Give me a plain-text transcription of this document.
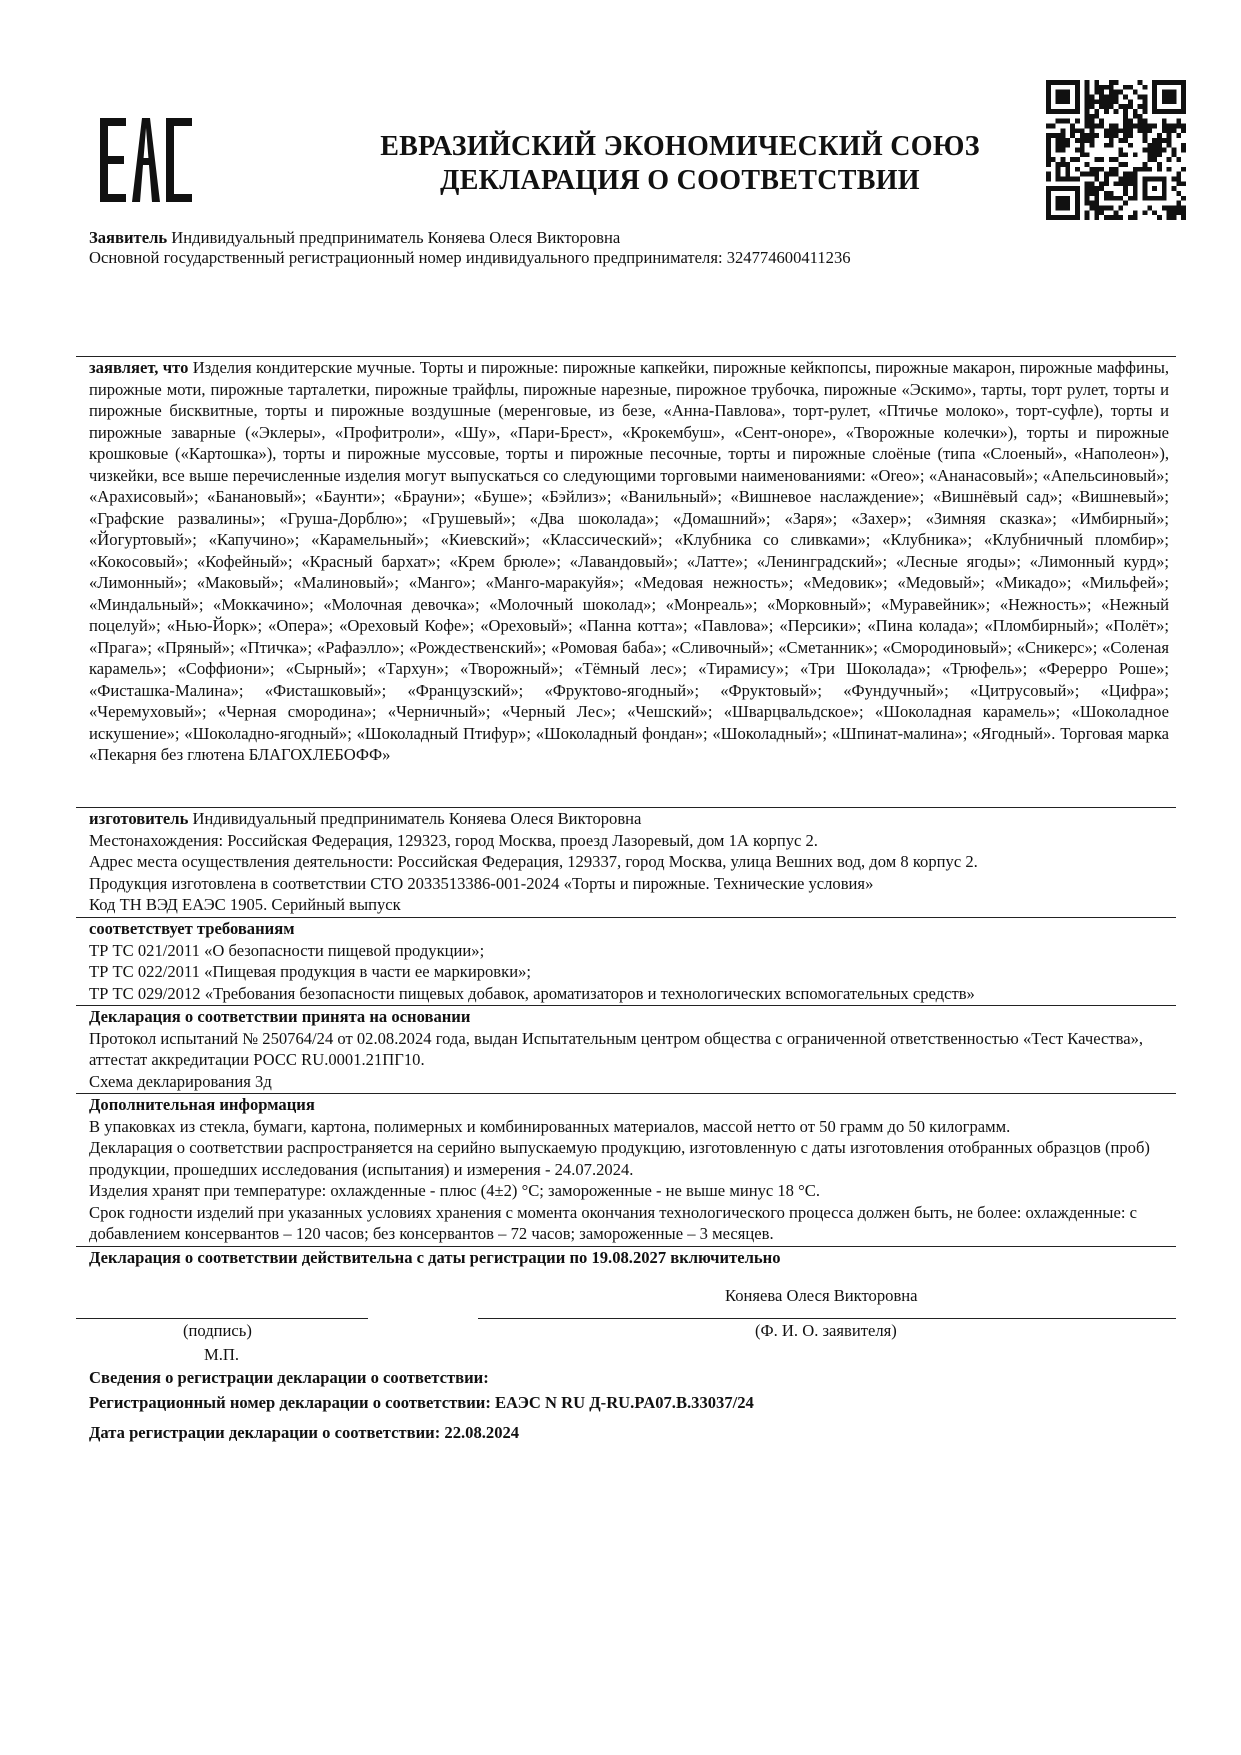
ЕВРАЗИЙСКИЙ ЭКОНОМИЧЕСКИЙ СОЮЗ
ДЕКЛАРАЦИЯ О СООТВЕТСТВИИ
Заявитель Индивидуальный предприниматель Коняева Олеся Викторовна
Основной государственный регистрационный номер индивидуального предпринимателя: 324774600411236
заявляет, что Изделия кондитерские мучные. Торты и пирожные: пирожные капкейки, пирожные кейкпопсы, пирожные макарон, пирожные маффины, пирожные моти, пирожные тарталетки, пирожные трайфлы, пирожные нарезные, пирожное трубочка, пирожные «Эскимо», тарты, торт рулет, торты и пирожные бисквитные, торты и пирожные воздушные (меренговые, из безе, «Анна-Павлова», торт-рулет, «Птичье молоко», торт-суфле), торты и пирожные заварные («Эклеры», «Профитроли», «Шу», «Пари-Брест», «Крокембуш», «Сент-оноре», «Творожные колечки»), торты и пирожные крошковые («Картошка»), торты и пирожные муссовые, торты и пирожные песочные, торты и пирожные слоёные (типа «Слоеный», «Наполеон»), чизкейки, все выше перечисленные изделия могут выпускаться со следующими торговыми наименованиями: «Oreo»; «Ананасовый»; «Апельсиновый»; «Арахисовый»; «Банановый»; «Баунти»; «Брауни»; «Буше»; «Бэйлиз»; «Ванильный»; «Вишневое наслаждение»; «Вишнёвый сад»; «Вишневый»; «Графские развалины»; «Груша-Дорблю»; «Грушевый»; «Два шоколада»; «Домашний»; «Заря»; «Захер»; «Зимняя сказка»; «Имбирный»; «Йогуртовый»; «Капучино»; «Карамельный»; «Киевский»; «Классический»; «Клубника со сливками»; «Клубника»; «Клубничный пломбир»; «Кокосовый»; «Кофейный»; «Красный бархат»; «Крем брюле»; «Лавандовый»; «Латте»; «Ленинградский»; «Лесные ягоды»; «Лимонный курд»; «Лимонный»; «Маковый»; «Малиновый»; «Манго»; «Манго-маракуйя»; «Медовая нежность»; «Медовик»; «Медовый»; «Микадо»; «Мильфей»; «Миндальный»; «Моккачино»; «Молочная девочка»; «Молочный шоколад»; «Монреаль»; «Морковный»; «Муравейник»; «Нежность»; «Нежный поцелуй»; «Нью-Йорк»; «Опера»; «Ореховый Кофе»; «Ореховый»; «Панна котта»; «Павлова»; «Персики»; «Пина колада»; «Пломбирный»; «Полёт»; «Прага»; «Пряный»; «Птичка»; «Рафаэлло»; «Рождественский»; «Ромовая баба»; «Сливочный»; «Сметанник»; «Смородиновый»; «Сникерс»; «Соленая карамель»; «Соффиони»; «Сырный»; «Тархун»; «Творожный»; «Тёмный лес»; «Тирамису»; «Три Шоколада»; «Трюфель»; «Ферерро Роше»; «Фисташка-Малина»; «Фисташковый»; «Французский»; «Фруктово-ягодный»; «Фруктовый»; «Фундучный»; «Цитрусовый»; «Цифра»; «Черемуховый»; «Черная смородина»; «Черничный»; «Черный Лес»; «Чешский»; «Шварцвальдское»; «Шоколадная карамель»; «Шоколадное искушение»; «Шоколадно-ягодный»; «Шоколадный Птифур»; «Шоколадный фондан»; «Шоколадный»; «Шпинат-малина»; «Ягодный». Торговая марка «Пекарня без глютена БЛАГОХЛЕБОФФ»
изготовитель Индивидуальный предприниматель Коняева Олеся Викторовна
Местонахождения: Российская Федерация, 129323, город Москва, проезд Лазоревый, дом 1А корпус 2.
Адрес места осуществления деятельности: Российская Федерация, 129337, город Москва, улица Вешних вод, дом 8 корпус 2.
Продукция изготовлена в соответствии СТО 2033513386-001-2024 «Торты и пирожные. Технические условия»
Код ТН ВЭД ЕАЭС 1905. Серийный выпуск
соответствует требованиям
ТР ТС 021/2011 «О безопасности пищевой продукции»;
ТР ТС 022/2011 «Пищевая продукция в части ее маркировки»;
ТР ТС 029/2012 «Требования безопасности пищевых добавок, ароматизаторов и технологических вспомогательных средств»
Декларация о соответствии принята на основании
Протокол испытаний № 250764/24 от 02.08.2024 года, выдан Испытательным центром общества с ограниченной ответственностью «Тест Качества», аттестат аккредитации РОСС RU.0001.21ПГ10.
Схема декларирования 3д
Дополнительная информация
В упаковках из стекла, бумаги, картона, полимерных и комбинированных материалов, массой нетто от 50 грамм до 50 килограмм.
Декларация о соответствии распространяется на серийно выпускаемую продукцию, изготовленную с даты изготовления отобранных образцов (проб) продукции, прошедших исследования (испытания) и измерения - 24.07.2024.
Изделия хранят при температуре: охлажденные - плюс (4±2) °С; замороженные - не выше минус 18 °С.
Срок годности изделий при указанных условиях хранения с момента окончания технологического процесса должен быть, не более: охлажденные: с добавлением консервантов – 120 часов; без консервантов – 72 часов; замороженные – 3 месяцев.
Декларация о соответствии действительна с даты регистрации по 19.08.2027 включительно
Коняева Олеся Викторовна
(подпись)	(Ф. И. О. заявителя)
М.П.
Сведения о регистрации декларации о соответствии:
Регистрационный номер декларации о соответствии: ЕАЭС N RU Д-RU.PA07.B.33037/24
Дата регистрации декларации о соответствии: 22.08.2024
